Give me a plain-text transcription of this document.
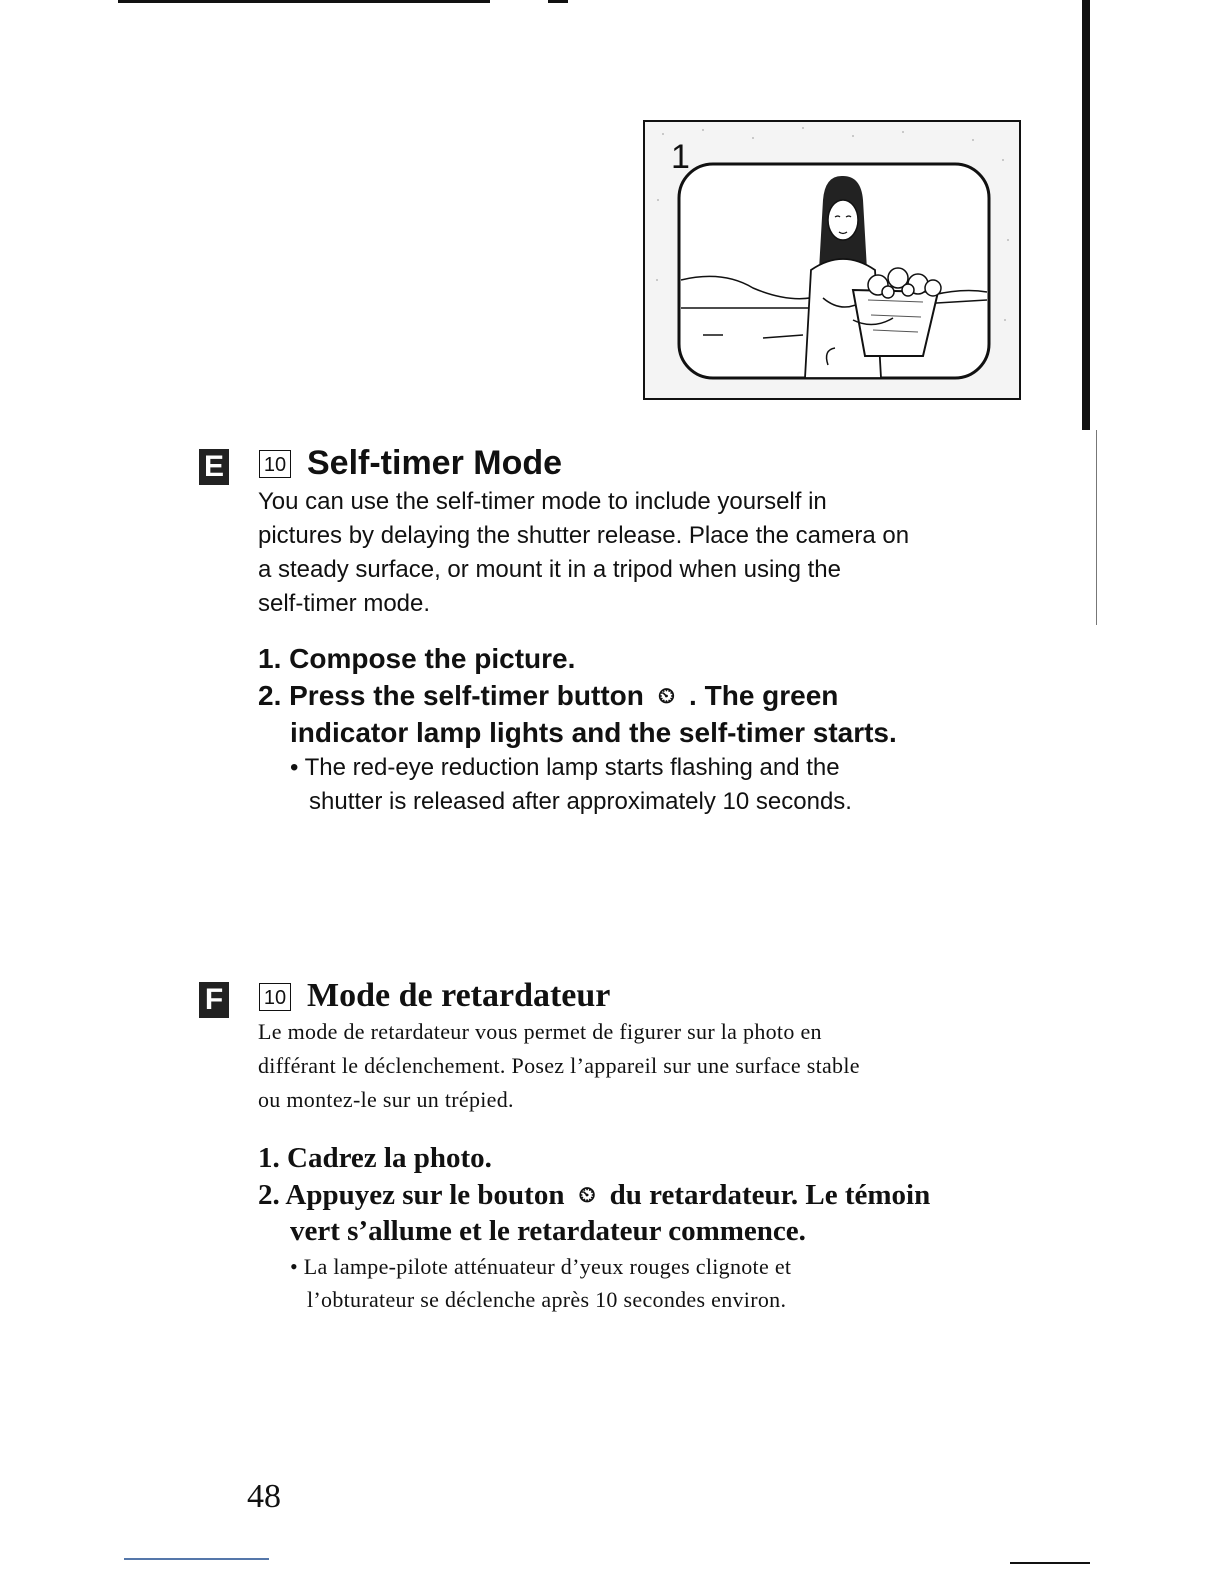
1
E 10 Self-timer Mode
You can use the self-timer mode to include yourself in
pictures by delaying the shutter release. Place the camera on
a steady surface, or mount it in a tripod when using the
self-timer mode.
1. Compose the picture.
2. Press the self-timer button ⏲ . The green
indicator lamp lights and the self-timer starts.
• The red-eye reduction lamp starts flashing and the
shutter is released after approximately 10 seconds.
F 10 Mode de retardateur
Le mode de retardateur vous permet de figurer sur la photo en
différant le déclenchement. Posez l’appareil sur une surface stable
ou montez-le sur un trépied.
1. Cadrez la photo.
2. Appuyez sur le bouton ⏲ du retardateur. Le témoin
vert s’allume et le retardateur commence.
• La lampe-pilote atténuateur d’yeux rouges clignote et
l’obturateur se déclenche après 10 secondes environ.
48
